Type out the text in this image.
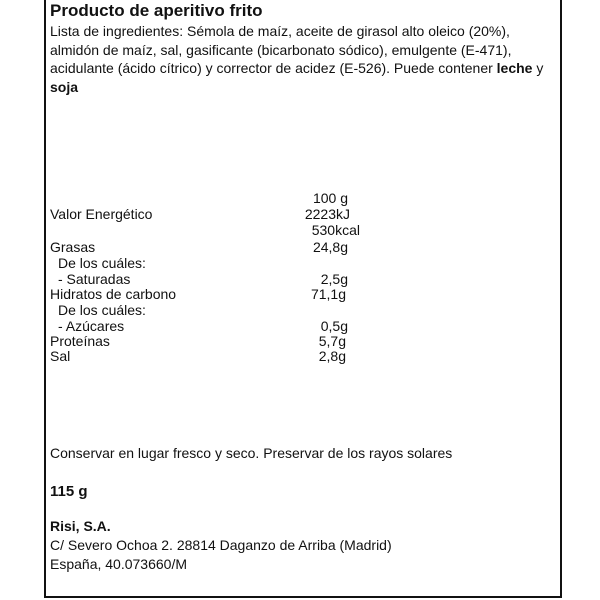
Producto de aperitivo frito
Lista de ingredientes: Sémola de maíz, aceite de girasol alto oleico (20%), almidón de maíz, sal, gasificante (bicarbonato sódico), emulgente (E-471), acidulante (ácido cítrico) y corrector de acidez (E-526). Puede contener leche y soja
100 g
Valor Energético	2223kJ
530kcal
Grasas	24,8g
De los cuáles:
- Saturadas	2,5g
Hidratos de carbono	71,1g
De los cuáles:
- Azúcares	0,5g
Proteínas	5,7g
Sal	2,8g
Conservar en lugar fresco y seco. Preservar de los rayos solares
115 g
Risi, S.A.
C/ Severo Ochoa 2. 28814 Daganzo de Arriba (Madrid)
España, 40.073660/M
